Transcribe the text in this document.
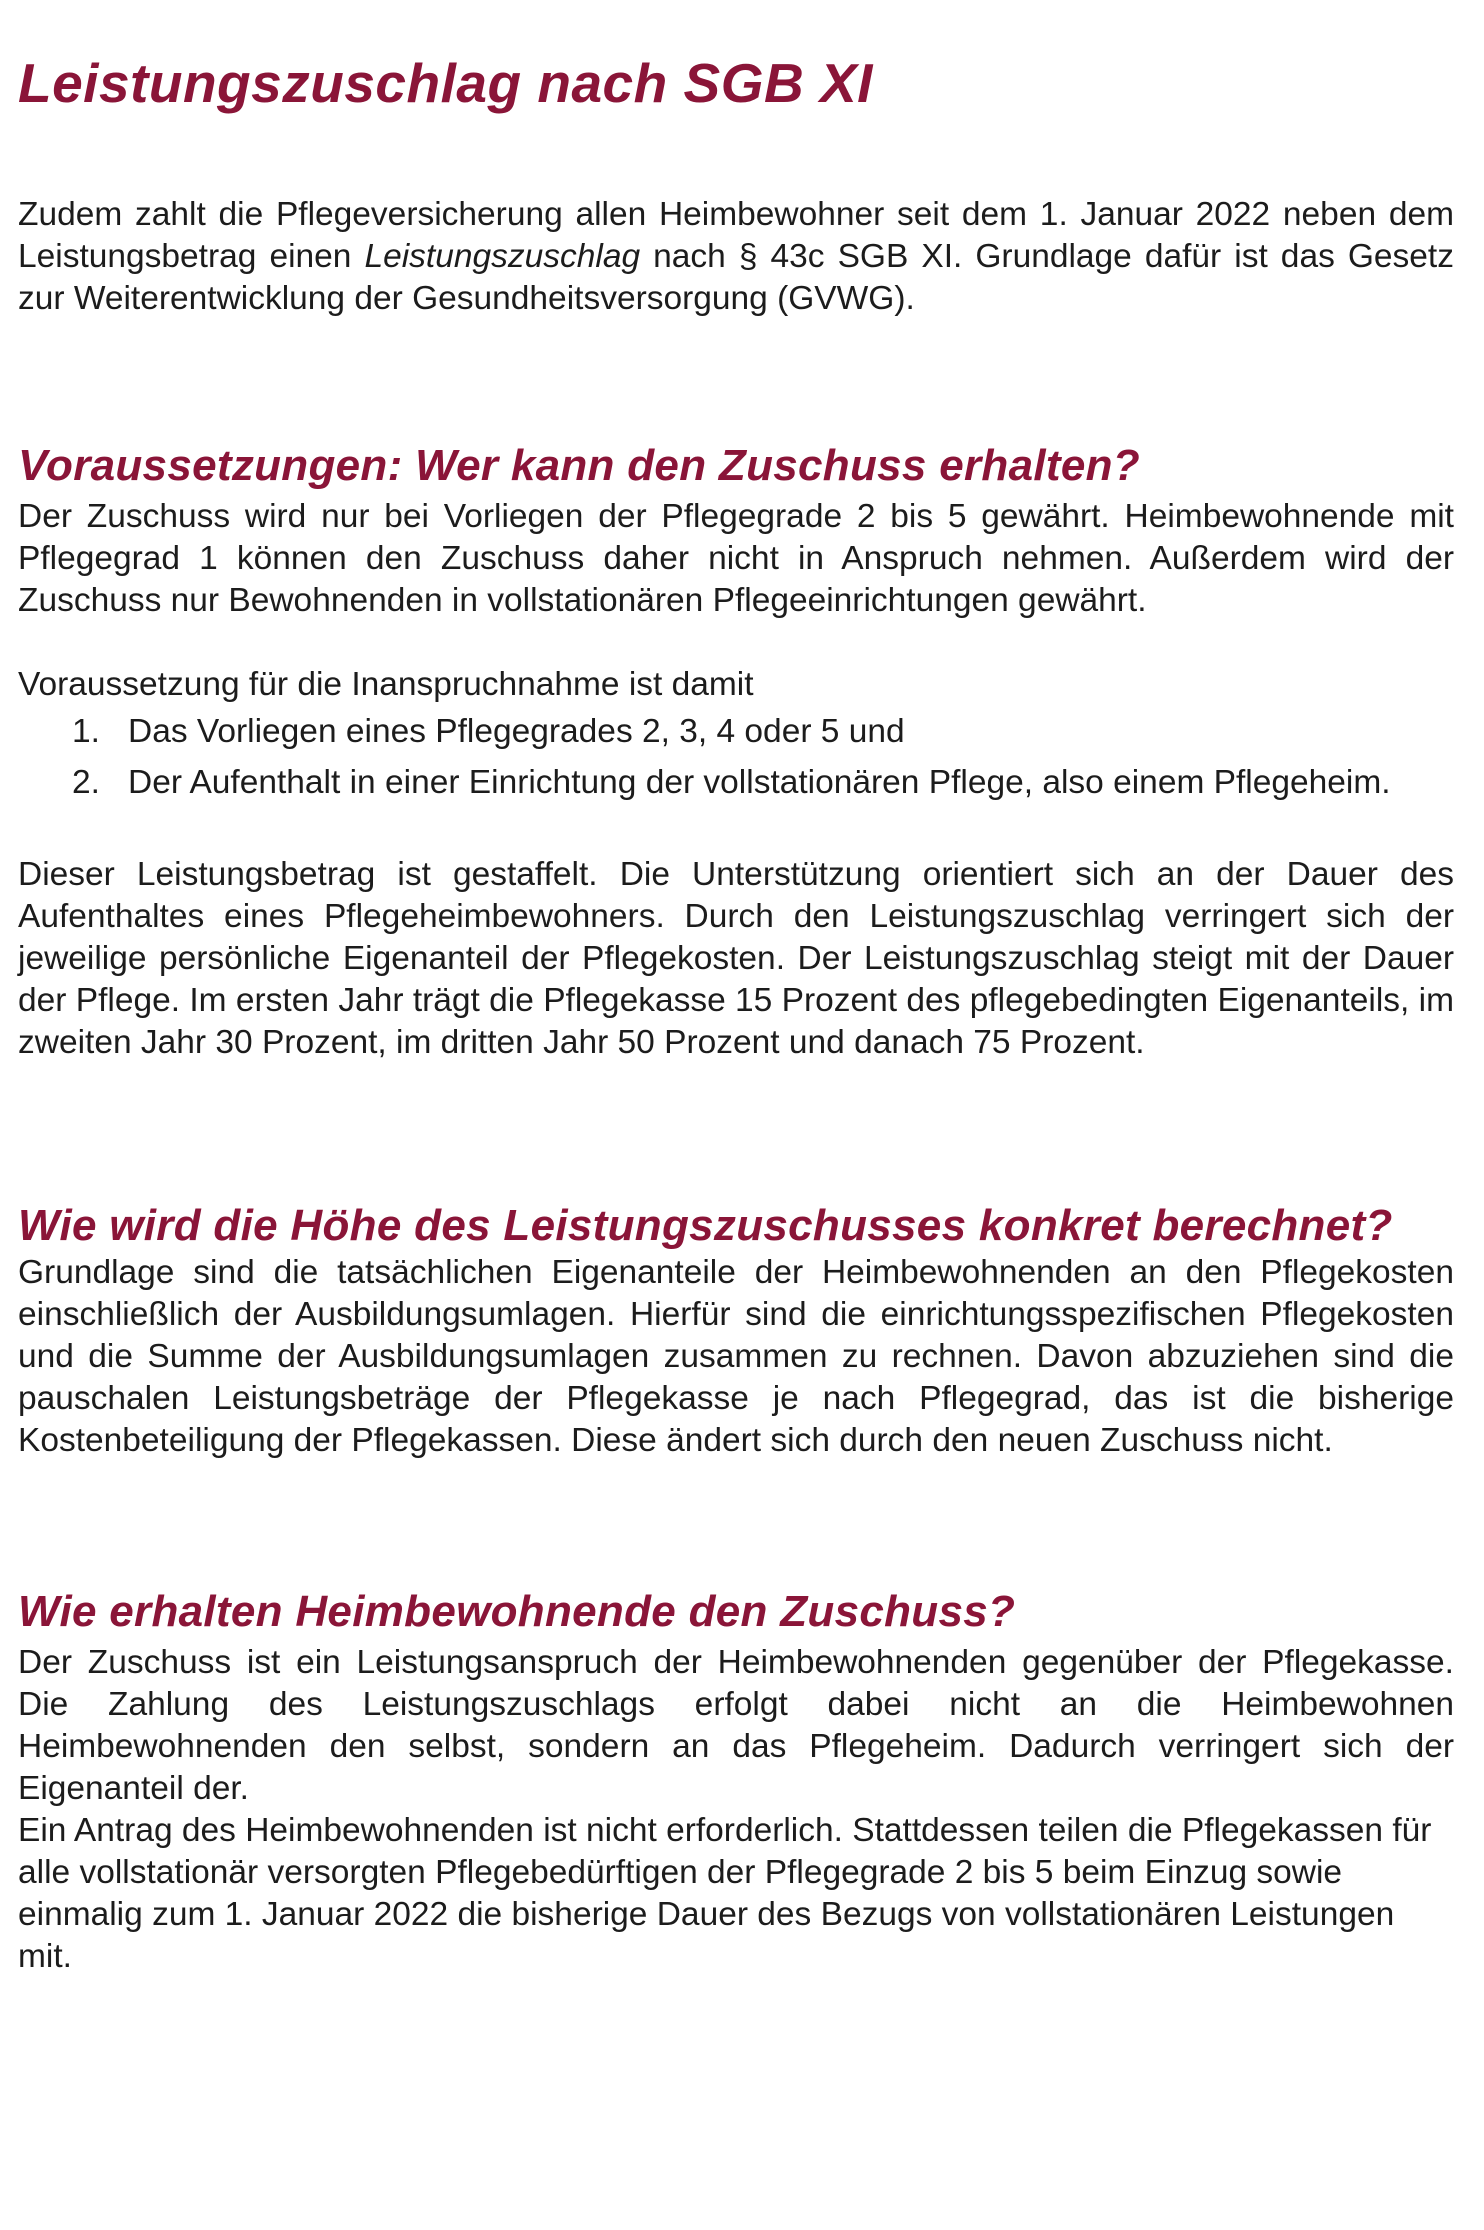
Leistungszuschlag nach SGB XI

Zudem zahlt die Pflegeversicherung allen Heimbewohner seit dem 1. Januar 2022 neben dem Leistungsbetrag einen Leistungszuschlag nach § 43c SGB XI. Grundlage dafür ist das Gesetz zur Weiterentwicklung der Gesundheitsversorgung (GVWG).

Voraussetzungen: Wer kann den Zuschuss erhalten?

Der Zuschuss wird nur bei Vorliegen der Pflegegrade 2 bis 5 gewährt. Heimbewohnende mit Pflegegrad 1 können den Zuschuss daher nicht in Anspruch nehmen. Außerdem wird der Zuschuss nur Bewohnenden in vollstationären Pflegeeinrichtungen gewährt.

Voraussetzung für die Inanspruchnahme ist damit

1. Das Vorliegen eines Pflegegrades 2, 3, 4 oder 5 und
2. Der Aufenthalt in einer Einrichtung der vollstationären Pflege, also einem Pflegeheim.

Dieser Leistungsbetrag ist gestaffelt. Die Unterstützung orientiert sich an der Dauer des Aufenthaltes eines Pflegeheimbewohners. Durch den Leistungszuschlag verringert sich der jeweilige persönliche Eigenanteil der Pflegekosten. Der Leistungszuschlag steigt mit der Dauer der Pflege. Im ersten Jahr trägt die Pflegekasse 15 Prozent des pflegebedingten Eigenanteils, im zweiten Jahr 30 Prozent, im dritten Jahr 50 Prozent und danach 75 Prozent.

Wie wird die Höhe des Leistungszuschusses konkret berechnet?

Grundlage sind die tatsächlichen Eigenanteile der Heimbewohnenden an den Pflegekosten einschließlich der Ausbildungsumlagen. Hierfür sind die einrichtungsspezifischen Pflegekosten und die Summe der Ausbildungsumlagen zusammen zu rechnen. Davon abzuziehen sind die pauschalen Leistungsbeträge der Pflegekasse je nach Pflegegrad, das ist die bisherige Kostenbeteiligung der Pflegekassen. Diese ändert sich durch den neuen Zuschuss nicht.

Wie erhalten Heimbewohnende den Zuschuss?

Der Zuschuss ist ein Leistungsanspruch der Heimbewohnenden gegenüber der Pflegekasse. Die Zahlung des Leistungszuschlags erfolgt dabei nicht an die Heimbewohnen Heimbewohnenden den selbst, sondern an das Pflegeheim. Dadurch verringert sich der Eigenanteil der.

Ein Antrag des Heimbewohnenden ist nicht erforderlich. Stattdessen teilen die Pflegekassen für alle vollstationär versorgten Pflegebedürftigen der Pflegegrade 2 bis 5 beim Einzug sowie einmalig zum 1. Januar 2022 die bisherige Dauer des Bezugs von vollstationären Leistungen mit.
